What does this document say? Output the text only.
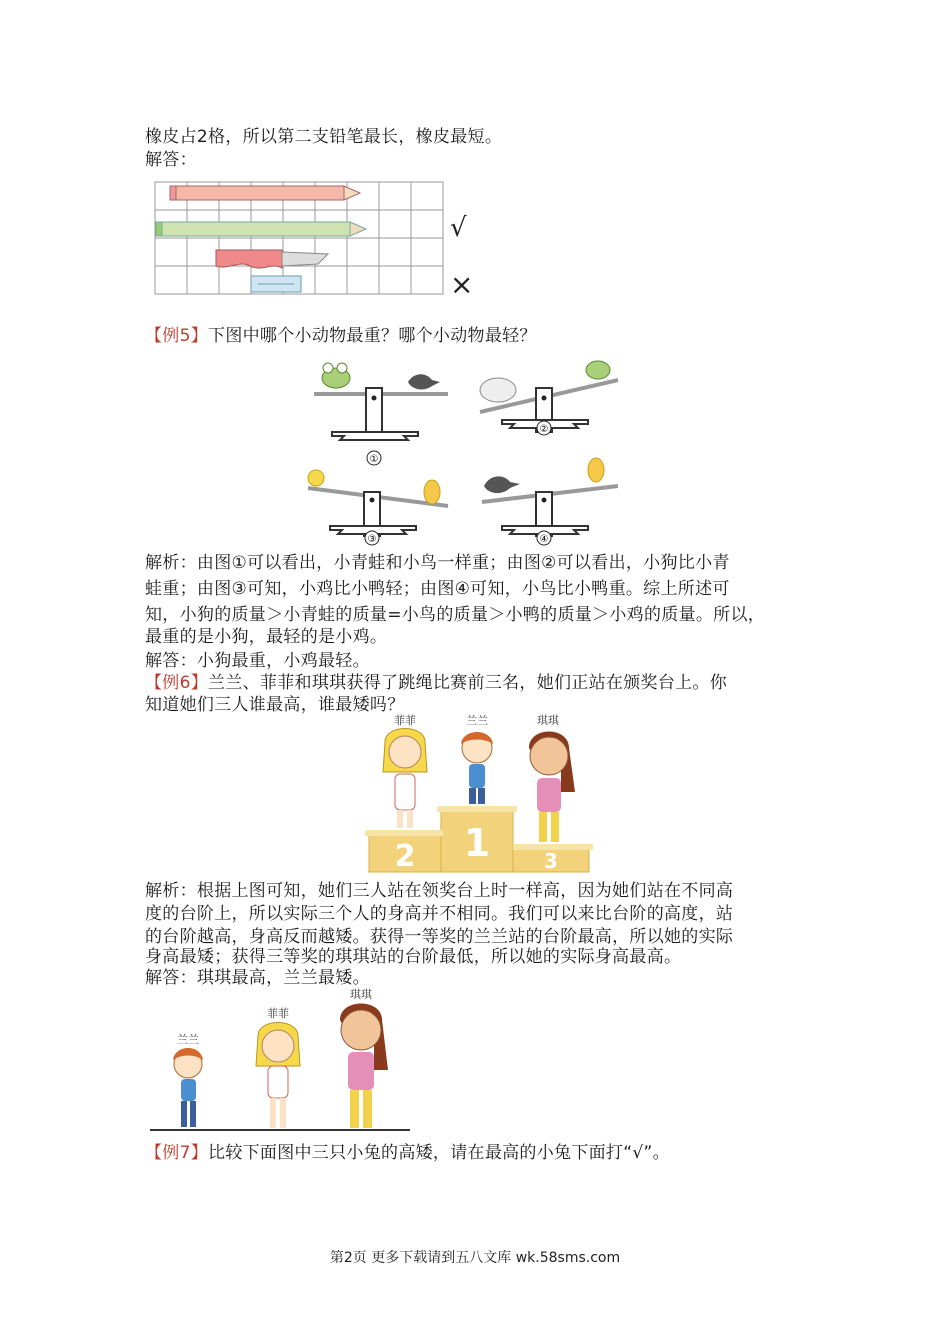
橡皮占2格，所以第二支铅笔最长，橡皮最短。
解答：
√
×
【例5】下图中哪个小动物最重？哪个小动物最轻？
①
②
③	④
解析：由图①可以看出，小青蛙和小鸟一样重；由图②可以看出，小狗比小青
蛙重；由图③可知，小鸡比小鸭轻；由图④可知，小鸟比小鸭重。综上所述可
知，小狗的质量＞小青蛙的质量=小鸟的质量＞小鸭的质量＞小鸡的质量。所以，
最重的是小狗，最轻的是小鸡。
解答：小狗最重，小鸡最轻。
【例6】兰兰、菲菲和琪琪获得了跳绳比赛前三名，她们正站在颁奖台上。你
知道她们三人谁最高，谁最矮吗？
菲菲	兰兰	琪琪
2 1	3
解析：根据上图可知，她们三人站在领奖台上时一样高，因为她们站在不同高
度的台阶上，所以实际三个人的身高并不相同。我们可以来比台阶的高度，站
的台阶越高，身高反而越矮。获得一等奖的兰兰站的台阶最高，所以她的实际
身高最矮；获得三等奖的琪琪站的台阶最低，所以她的实际身高最高。
解答：琪琪最高，兰兰最矮。
兰兰
菲菲
琪琪
【例7】比较下面图中三只小兔的高矮，请在最高的小兔下面打“√”。
第2页 更多下载请到五八文库 wk.58sms.com
